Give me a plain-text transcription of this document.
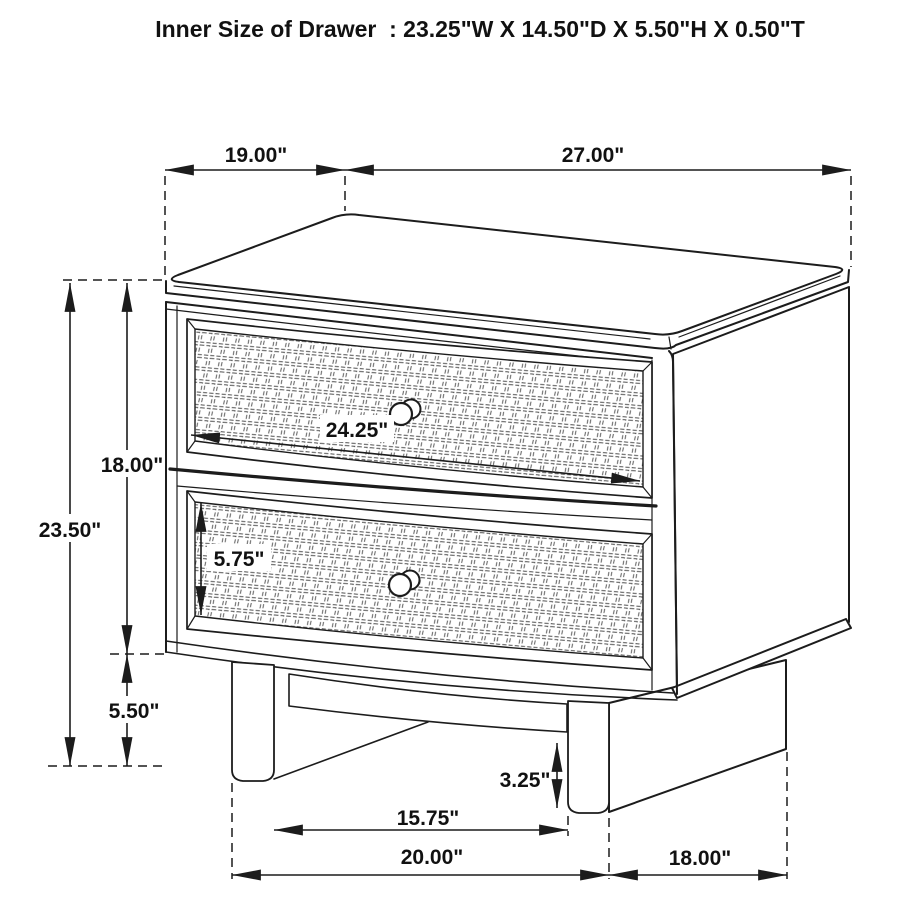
Inner Size of Drawer  : 23.25"W X 14.50"D X 5.50"H X 0.50"T
19.00"	27.00"
23.50"
18.00"
5.50"
24.25"
5.75"
3.25"
15.75"
20.00"	18.00"
